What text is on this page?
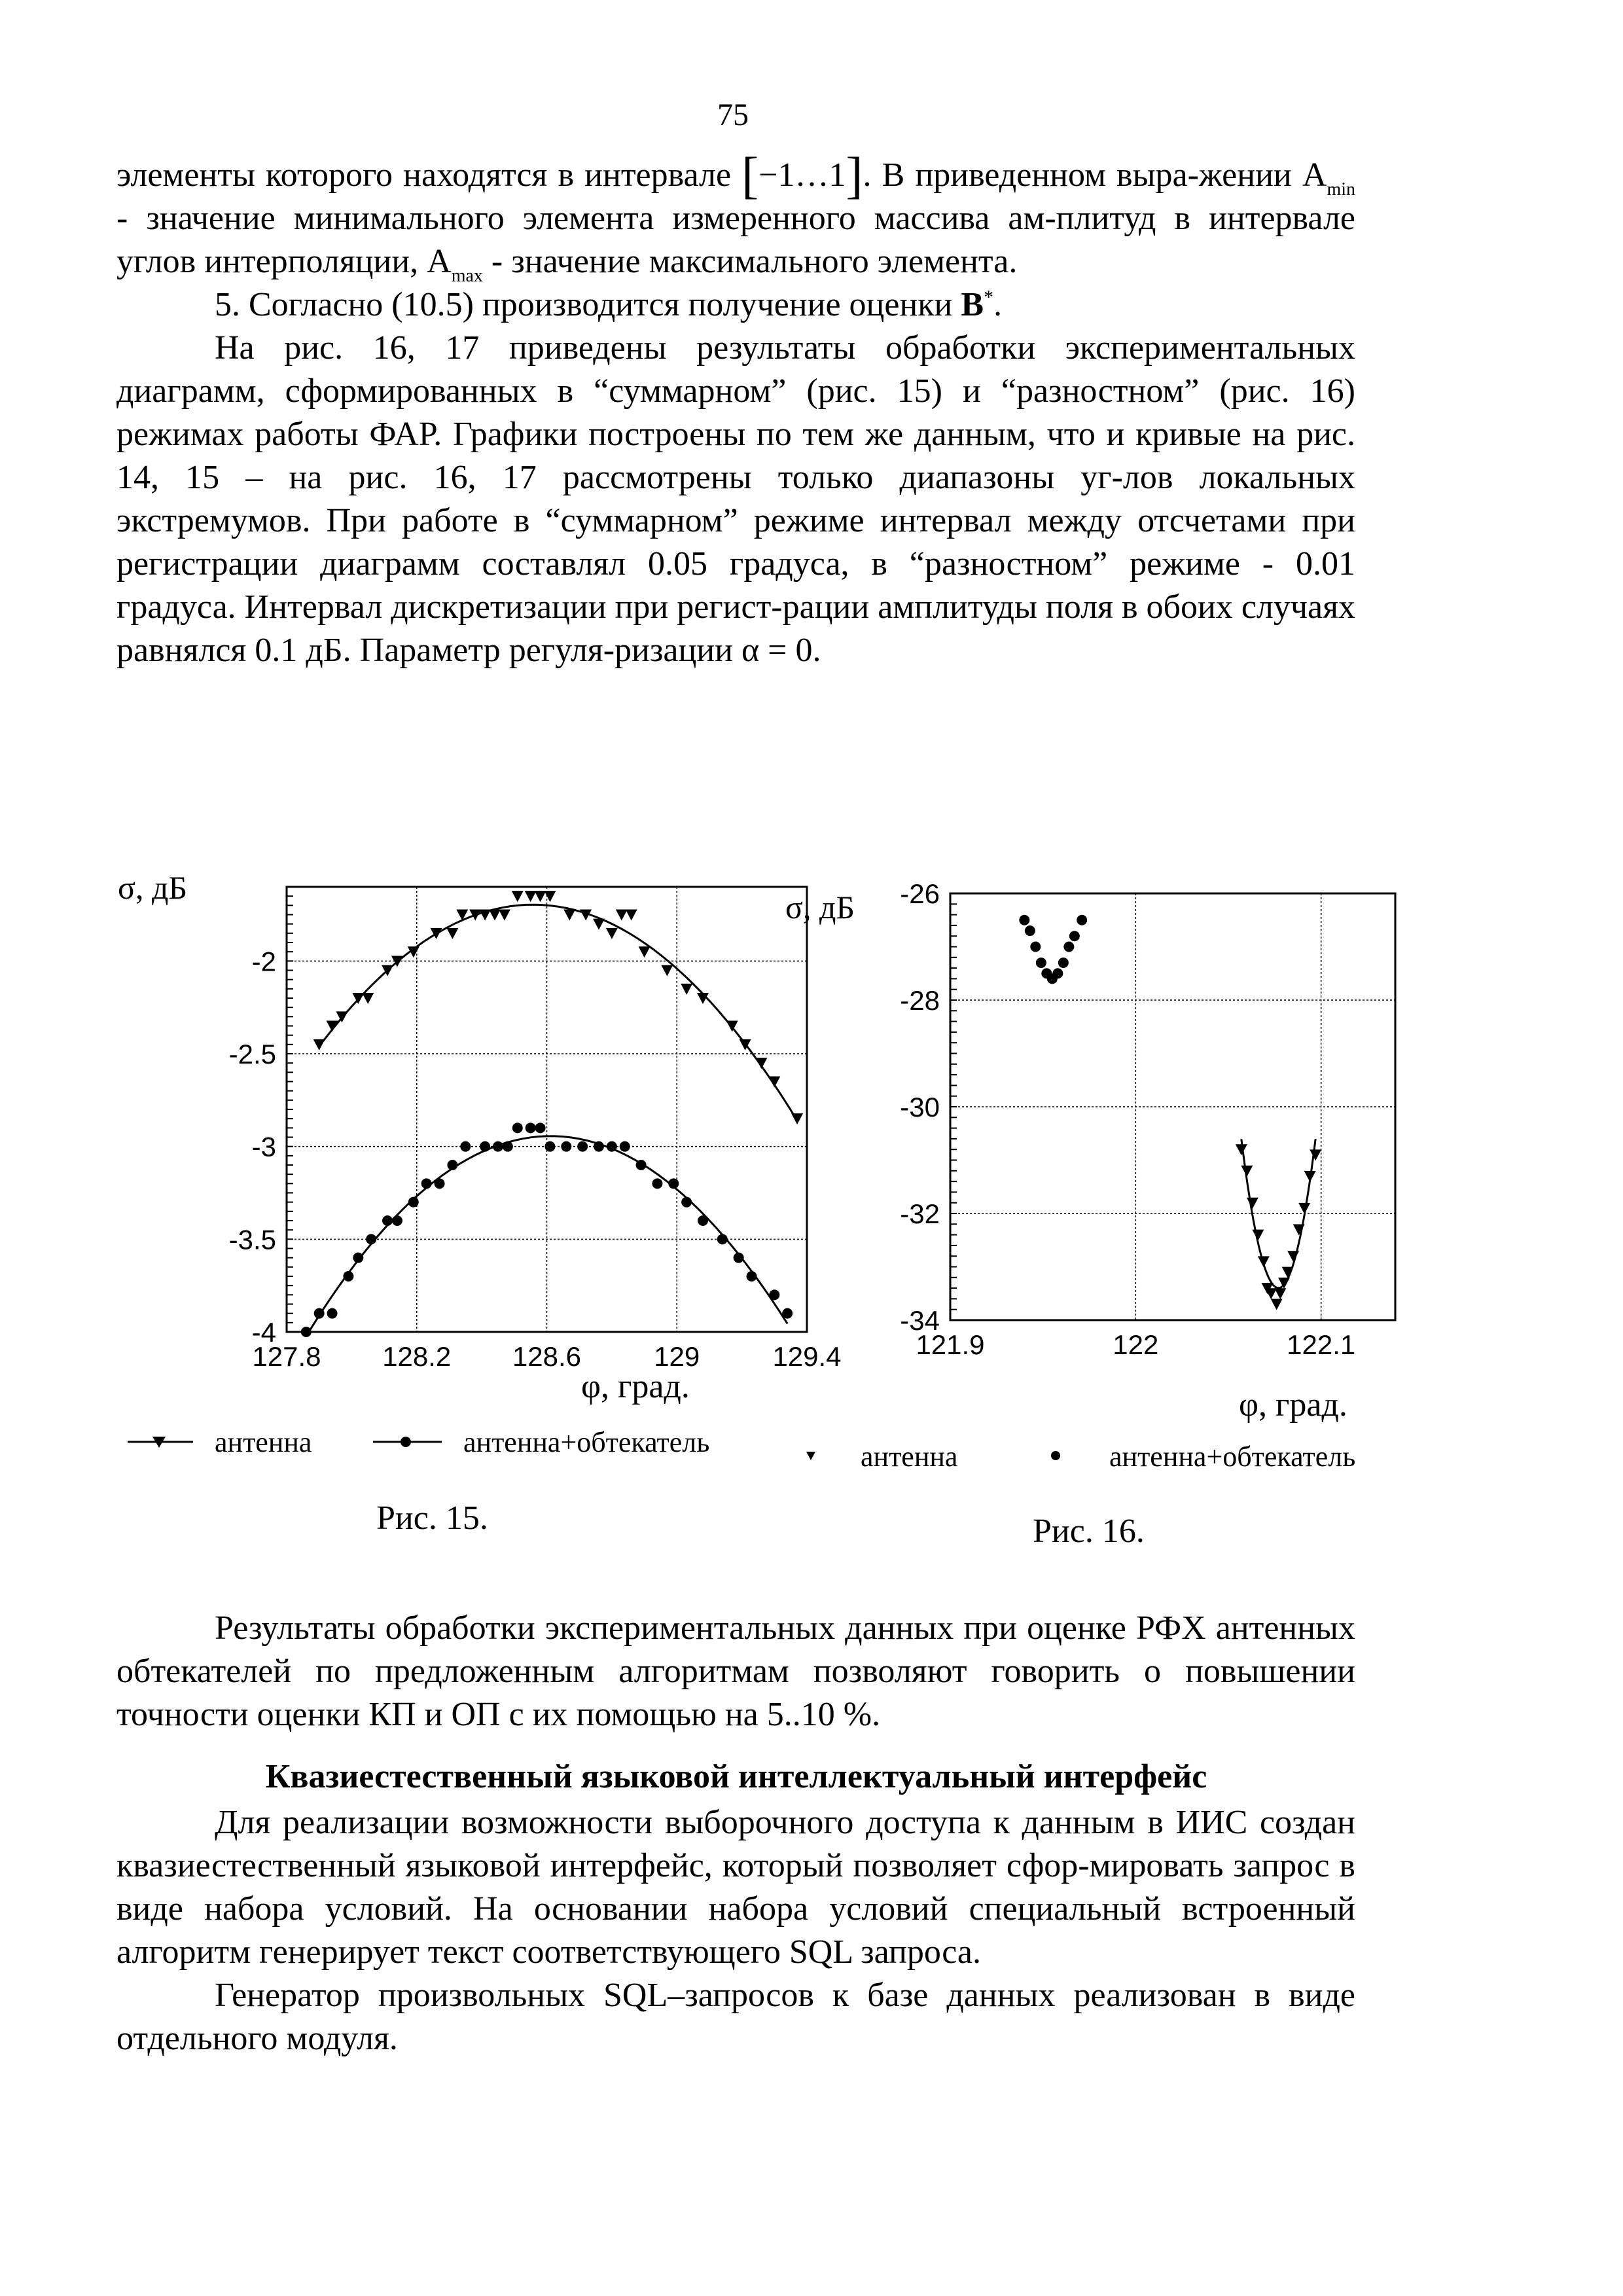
75

элементы которого находятся в интервале [−1…1]. В приведенном выра-жении $A_{min}$ - значение минимального элемента измеренного массива ам-плитуд в интервале углов интерполяции, $A_{max}$ - значение максимального элемента.

5. Согласно (10.5) производится получение оценки B*.

На рис. 16, 17 приведены результаты обработки экспериментальных диаграмм, сформированных в “суммарном” (рис. 15) и “разностном” (рис. 16) режимах работы ФАР. Графики построены по тем же данным, что и кривые на рис. 14, 15 – на рис. 16, 17 рассмотрены только диапазоны уг-лов локальных экстремумов. При работе в “суммарном” режиме интервал между отсчетами при регистрации диаграмм составлял 0.05 градуса, в “разностном” режиме - 0.01 градуса. Интервал дискретизации при регист-рации амплитуды поля в обоих случаях равнялся 0.1 дБ. Параметр регуля-ризации α = 0.

σ, дБ
-2
-2.5
-3
-3.5
-4
127.8 128.2 128.6	129	129.4
φ, град.
антенна	антенна+обтекатель
σ, дБ -26
-28
-30
-32
-34
121.9	122	122.1
φ, град.
антенна	антенна+обтекатель
Рис. 15.	Рис. 16.

Результаты обработки экспериментальных данных при оценке РФХ антенных обтекателей по предложенным алгоритмам позволяют говорить о повышении точности оценки КП и ОП с их помощью на 5..10 %.

Квазиестественный языковой интеллектуальный интерфейс

Для реализации возможности выборочного доступа к данным в ИИС создан квазиестественный языковой интерфейс, который позволяет сфор-мировать запрос в виде набора условий. На основании набора условий специальный встроенный алгоритм генерирует текст соответствующего SQL запроса.

Генератор произвольных SQL–запросов к базе данных реализован в виде отдельного модуля.
